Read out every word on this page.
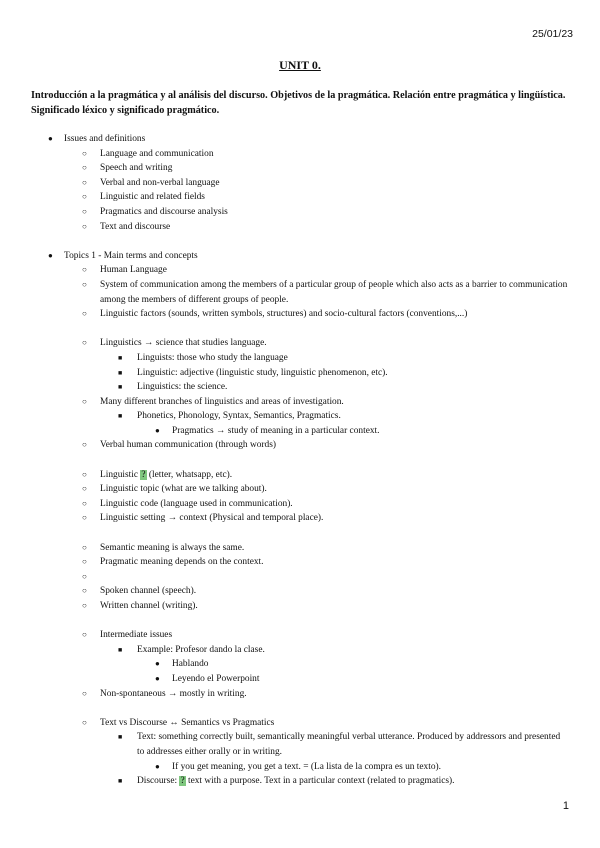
25/01/23
UNIT 0.
Introducción a la pragmática y al análisis del discurso. Objetivos de la pragmática. Relación entre pragmática y lingüística. Significado léxico y significado pragmático.
● Issues and definitions
○ Language and communication
○ Speech and writing
○ Verbal and non-verbal language
○ Linguistic and related fields
○ Pragmatics and discourse analysis
○ Text and discourse
● Topics 1 - Main terms and concepts
○ Human Language
○ System of communication among the members of a particular group of people which also acts as a barrier to communication among the members of different groups of people.
○ Linguistic factors (sounds, written symbols, structures) and socio-cultural factors (conventions,...)
○ Linguistics → science that studies language.
■ Linguists: those who study the language
■ Linguistic: adjective (linguistic study, linguistic phenomenon, etc).
■ Linguistics: the science.
○ Many different branches of linguistics and areas of investigation.
■ Phonetics, Phonology, Syntax, Semantics, Pragmatics.
● Pragmatics → study of meaning in a particular context.
○ Verbal human communication (through words)
○ Linguistic ? (letter, whatsapp, etc).
○ Linguistic topic (what are we talking about).
○ Linguistic code (language used in communication).
○ Linguistic setting → context (Physical and temporal place).
○ Semantic meaning is always the same.
○ Pragmatic meaning depends on the context.
○

○ Spoken channel (speech).
○ Written channel (writing).
○ Intermediate issues
■ Example: Profesor dando la clase.
● Hablando
● Leyendo el Powerpoint
○ Non-spontaneous → mostly in writing.
○ Text vs Discourse ↔ Semantics vs Pragmatics
■ Text: something correctly built, semantically meaningful verbal utterance. Produced by addressors and presented to addresses either orally or in writing.
● If you get meaning, you get a text. = (La lista de la compra es un texto).
■ Discourse: ? text with a purpose. Text in a particular context (related to pragmatics).
1
